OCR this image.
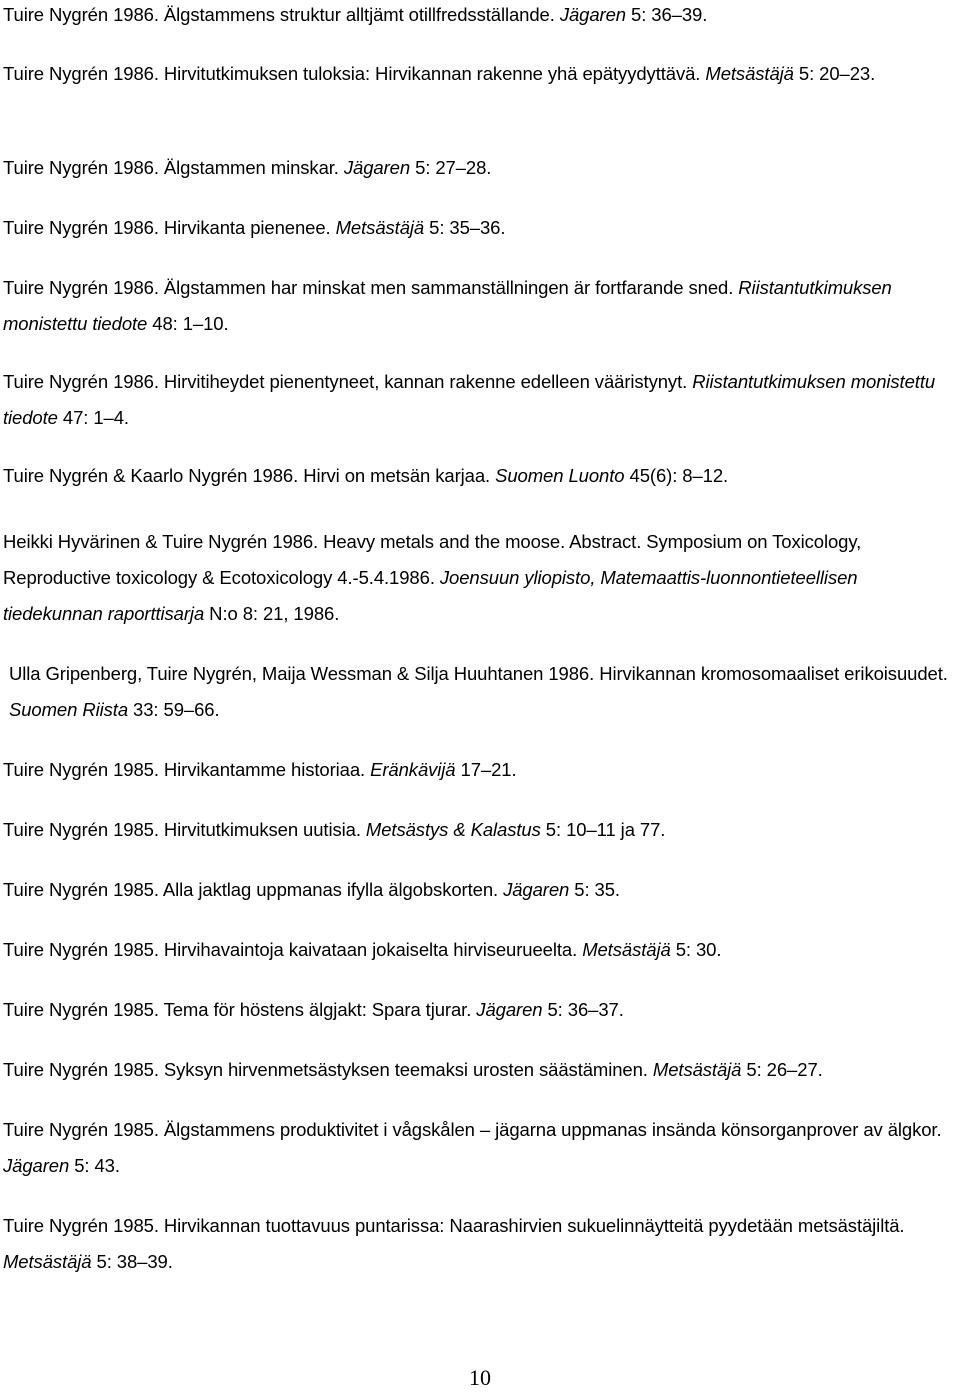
Tuire Nygrén 1986. Älgstammens struktur alltjämt otillfredsställande. Jägaren 5: 36–39.
Tuire Nygrén 1986. Hirvitutkimuksen tuloksia: Hirvikannan rakenne yhä epätyydyttävä. Metsästäjä 5: 20–23.
Tuire Nygrén 1986. Älgstammen minskar. Jägaren 5: 27–28.
Tuire Nygrén 1986. Hirvikanta pienenee. Metsästäjä 5: 35–36.
Tuire Nygrén 1986. Älgstammen har minskat men sammanställningen är fortfarande sned. Riistantutkimuksen monistettu tiedote 48: 1–10.
Tuire Nygrén 1986. Hirvitiheydet pienentyneet, kannan rakenne edelleen vääristynyt. Riistantutkimuksen monistettu tiedote 47: 1–4.
Tuire Nygrén & Kaarlo Nygrén 1986. Hirvi on metsän karjaa. Suomen Luonto 45(6): 8–12.
Heikki Hyvärinen & Tuire Nygrén 1986. Heavy metals and the moose. Abstract. Symposium on Toxicology, Reproductive toxicology & Ecotoxicology 4.-5.4.1986. Joensuun yliopisto, Matemaattis-luonnontieteellisen tiedekunnan raporttisarja N:o 8: 21, 1986.
Ulla Gripenberg, Tuire Nygrén, Maija Wessman & Silja Huuhtanen 1986. Hirvikannan kromosomaaliset erikoisuudet. Suomen Riista 33: 59–66.
Tuire Nygrén 1985. Hirvikantamme historiaa. Eränkävijä 17–21.
Tuire Nygrén 1985. Hirvitutkimuksen uutisia. Metsästys & Kalastus 5: 10–11 ja 77.
Tuire Nygrén 1985. Alla jaktlag uppmanas ifylla älgobskorten. Jägaren 5: 35.
Tuire Nygrén 1985. Hirvihavaintoja kaivataan jokaiselta hirviseurueelta. Metsästäjä 5: 30.
Tuire Nygrén 1985. Tema för höstens älgjakt: Spara tjurar. Jägaren 5: 36–37.
Tuire Nygrén 1985. Syksyn hirvenmetsästyksen teemaksi urosten säästäminen. Metsästäjä 5: 26–27.
Tuire Nygrén 1985. Älgstammens produktivitet i vågskålen – jägarna uppmanas insända könsorganprover av älgkor. Jägaren 5: 43.
Tuire Nygrén 1985. Hirvikannan tuottavuus puntarissa: Naarashirvien sukuelinnäytteitä pyydetään metsästäjiltä. Metsästäjä 5: 38–39.
10
